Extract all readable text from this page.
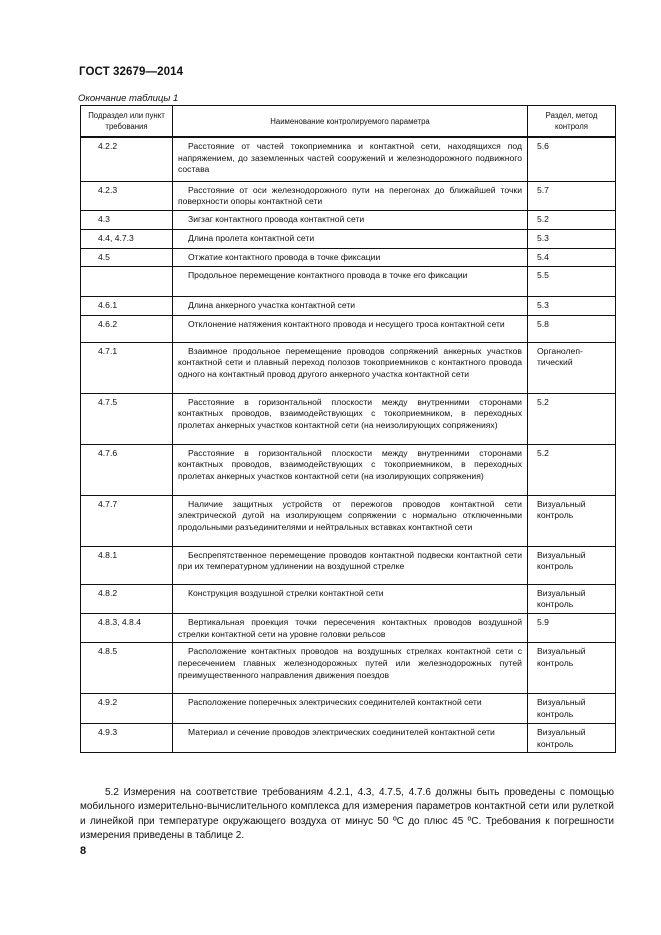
ГОСТ 32679—2014
Окончание таблицы 1
Подраздел или пункт требования	Наименование контролируемого параметра	Раздел, метод контроля
4.2.2	Расстояние от частей токоприемника и контактной сети, находящихся под напряжением, до заземленных частей сооружений и железнодорожного подвижного состава	5.6
4.2.3	Расстояние от оси железнодорожного пути на перегонах до ближайшей точки поверхности опоры контактной сети	5.7
4.3	Зигзаг контактного провода контактной сети	5.2
4.4, 4.7.3	Длина пролета контактной сети	5.3
4.5	Отжатие контактного провода в точке фиксации	5.4
	Продольное перемещение контактного провода в точке его фиксации	5.5
4.6.1	Длина анкерного участка контактной сети	5.3
4.6.2	Отклонение натяжения контактного провода и несущего троса контактной сети	5.8
4.7.1	Взаимное продольное перемещение проводов сопряжений анкерных участков контактной сети и плавный переход полозов токоприемников с контактного провода одного на контактный провод другого анкерного участка контактной сети	Органолеп-тический
4.7.5	Расстояние в горизонтальной плоскости между внутренними сторонами контактных проводов, взаимодействующих с токоприемником, в переходных пролетах анкерных участков контактной сети (на неизолирующих сопряжениях)	5.2
4.7.6	Расстояние в горизонтальной плоскости между внутренними сторонами контактных проводов, взаимодействующих с токоприемником, в переходных пролетах анкерных участков контактной сети (на изолирующих сопряжения)	5.2
4.7.7	Наличие защитных устройств от пережогов проводов контактной сети электрической дугой на изолирующем сопряжении с нормально отключенными продольными разъединителями и нейтральных вставках контактной сети	Визуальный контроль
4.8.1	Беспрепятственное перемещение проводов контактной подвески контактной сети при их температурном удлинении на воздушной стрелке	Визуальный контроль
4.8.2	Конструкция воздушной стрелки контактной сети	Визуальный контроль
4.8.3, 4.8.4	Вертикальная проекция точки пересечения контактных проводов воздушной стрелки контактной сети на уровне головки рельсов	5.9
4.8.5	Расположение контактных проводов на воздушных стрелках контактной сети с пересечением главных железнодорожных путей или железнодорожных путей преимущественного направления движения поездов	Визуальный контроль
4.9.2	Расположение поперечных электрических соединителей контактной сети	Визуальный контроль
4.9.3	Материал и сечение проводов электрических соединителей контактной сети	Визуальный контроль
5.2 Измерения на соответствие требованиям 4.2.1, 4.3, 4.7.5, 4.7.6 должны быть проведены с помощью мобильного измерительно-вычислительного комплекса для измерения параметров контактной сети или рулеткой и линейкой при температуре окружающего воздуха от минус 50 ºС до плюс 45 ºС. Требования к погрешности измерения приведены в таблице 2.
8
